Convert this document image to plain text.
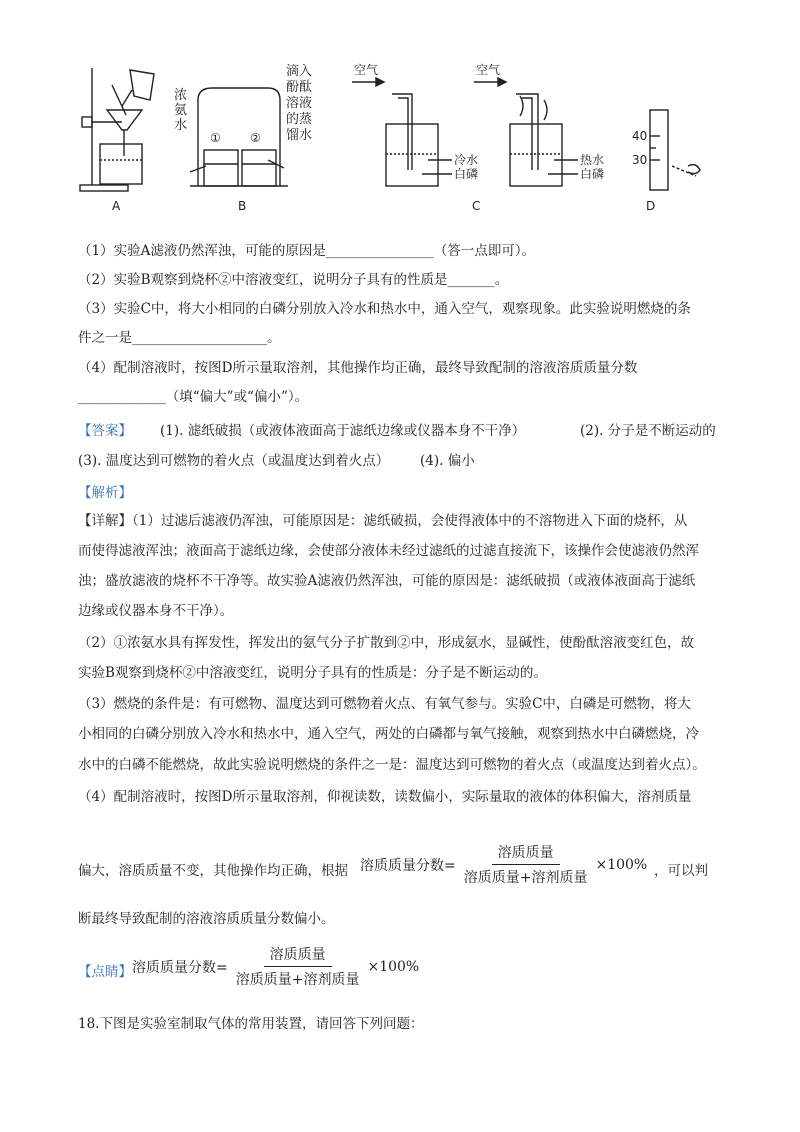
A
① ②
B
空气	空气
冷水
白磷
热水
白磷
C
40
30
D
浓氨水
滴入酚酞溶液的蒸馏水
（1）实验A滤液仍然浑浊，可能的原因是________________（答一点即可）。
（2）实验B观察到烧杯②中溶液变红，说明分子具有的性质是_______。
（3）实验C中，将大小相同的白磷分别放入冷水和热水中，通入空气，观察现象。此实验说明燃烧的条
件之一是____________________。
（4）配制溶液时，按图D所示量取溶剂，其他操作均正确，最终导致配制的溶液溶质质量分数
_____________（填“偏大”或“偏小”）。
【答案】 (1). 滤纸破损（或液体液面高于滤纸边缘或仪器本身不干净）	(2). 分子是不断运动的
(3). 温度达到可燃物的着火点（或温度达到着火点） (4). 偏小
【解析】
【详解】（1）过滤后滤液仍浑浊，可能原因是：滤纸破损，会使得液体中的不溶物进入下面的烧杯，从
而使得滤液浑浊；液面高于滤纸边缘，会使部分液体未经过滤纸的过滤直接流下，该操作会使滤液仍然浑
浊；盛放滤液的烧杯不干净等。故实验A滤液仍然浑浊，可能的原因是：滤纸破损（或液体液面高于滤纸
边缘或仪器本身不干净）。
（2）①浓氨水具有挥发性，挥发出的氨气分子扩散到②中，形成氨水，显碱性，使酚酞溶液变红色，故
实验B观察到烧杯②中溶液变红，说明分子具有的性质是：分子是不断运动的。
（3）燃烧的条件是：有可燃物、温度达到可燃物着火点、有氧气参与。实验C中，白磷是可燃物，将大
小相同的白磷分别放入冷水和热水中，通入空气，两处的白磷都与氧气接触，观察到热水中白磷燃烧，冷
水中的白磷不能燃烧，故此实验说明燃烧的条件之一是：温度达到可燃物的着火点（或温度达到着火点）。
（4）配制溶液时，按图D所示量取溶剂，仰视读数，读数偏小，实际量取的液体的体积偏大，溶剂质量
偏大，溶质质量不变，其他操作均正确，根据 溶质质量分数= $\frac{\text{溶质质量}}{\text{溶质质量+溶剂质量}} \times 100\%$ ，可以判
断最终导致配制的溶液溶质质量分数偏小。
【点睛】 溶质质量分数= $\frac{\text{溶质质量}}{\text{溶质质量+溶剂质量}} \times 100\%$
18.下图是实验室制取气体的常用装置，请回答下列问题：
